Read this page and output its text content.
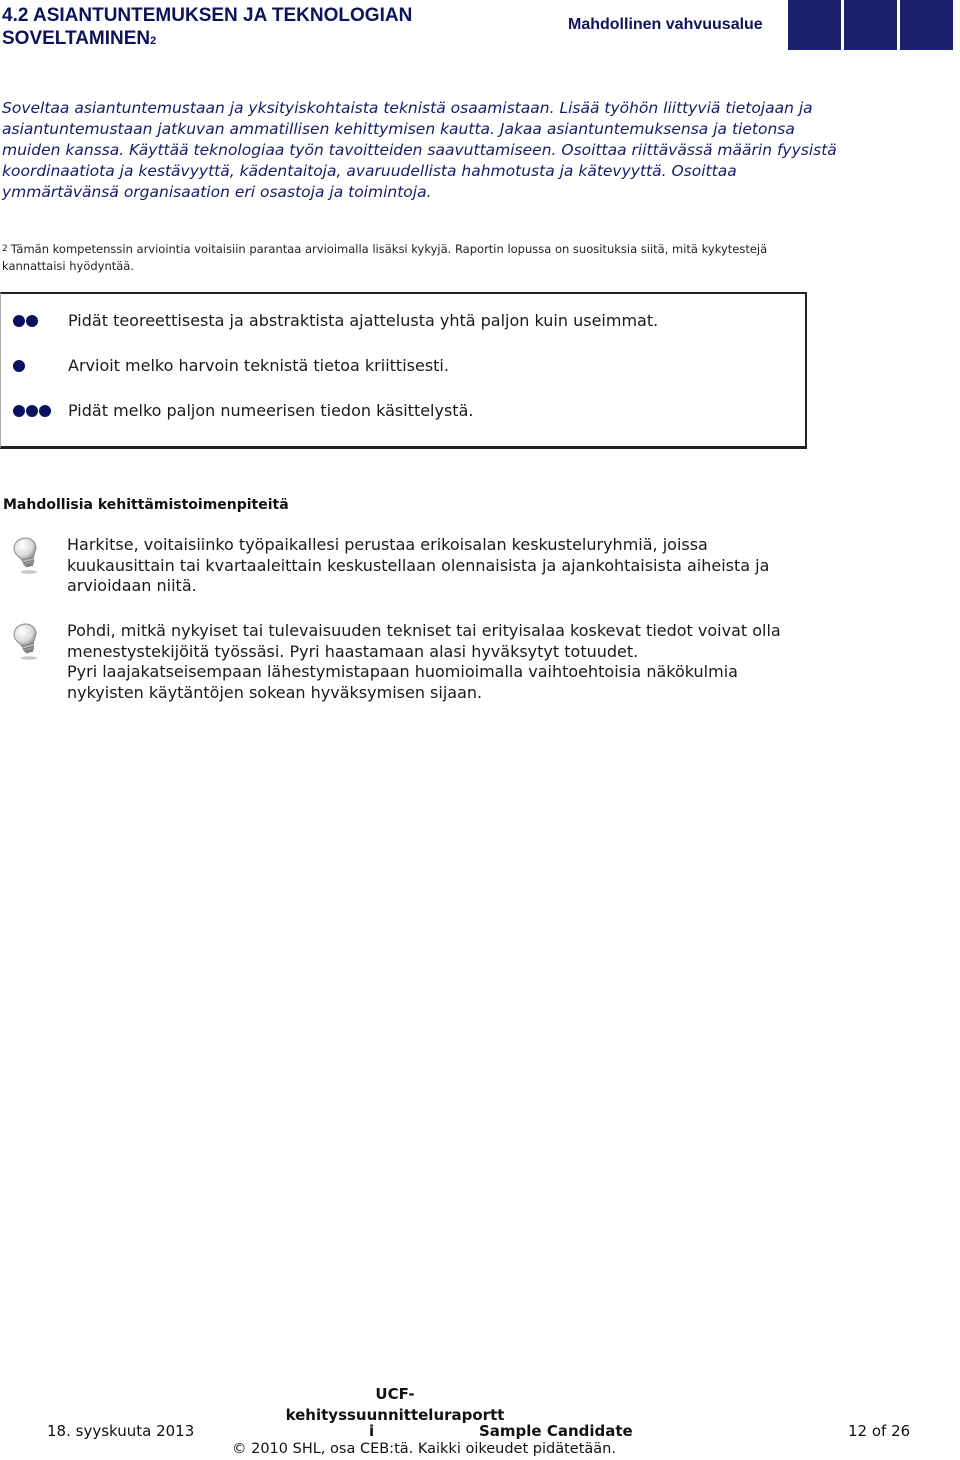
4.2 ASIANTUNTEMUKSEN JA TEKNOLOGIAN
SOVELTAMINEN2
Mahdollinen vahvuusalue
Soveltaa asiantuntemustaan ja yksityiskohtaista teknistä osaamistaan. Lisää työhön liittyviä tietojaan ja asiantuntemustaan jatkuvan ammatillisen kehittymisen kautta. Jakaa asiantuntemuksensa ja tietonsa muiden kanssa. Käyttää teknologiaa työn tavoitteiden saavuttamiseen. Osoittaa riittävässä määrin fyysistä koordinaatiota ja kestävyyttä, kädentaitoja, avaruudellista hahmotusta ja kätevyyttä. Osoittaa ymmärtävänsä organisaation eri osastoja ja toimintoja.
$^2$ Tämän kompetenssin arviointia voitaisiin parantaa arvioimalla lisäksi kykyjä. Raportin lopussa on suosituksia siitä, mitä kykytestejä kannattaisi hyödyntää.
Pidät teoreettisesta ja abstraktista ajattelusta yhtä paljon kuin useimmat.
Arvioit melko harvoin teknistä tietoa kriittisesti.
Pidät melko paljon numeerisen tiedon käsittelystä.
Mahdollisia kehittämistoimenpiteitä

Harkitse, voitaisiinko työpaikallesi perustaa erikoisalan keskusteluryhmiä, joissa kuukausittain tai kvartaaleittain keskustellaan olennaisista ja ajankohtaisista aiheista ja arvioidaan niitä.

Pohdi, mitkä nykyiset tai tulevaisuuden tekniset tai erityisalaa koskevat tiedot voivat olla menestystekijöitä työssäsi. Pyri haastamaan alasi hyväksytyt totuudet.

Pyri laajakatseisempaan lähestymistapaan huomioimalla vaihtoehtoisia näkökulmia nykyisten käytäntöjen sokean hyväksymisen sijaan.

UCF-
kehityssuunnitteluraportt
18. syyskuuta 2013	i	Sample Candidate	12 of 26
© 2010 SHL, osa CEB:tä. Kaikki oikeudet pidätetään.
